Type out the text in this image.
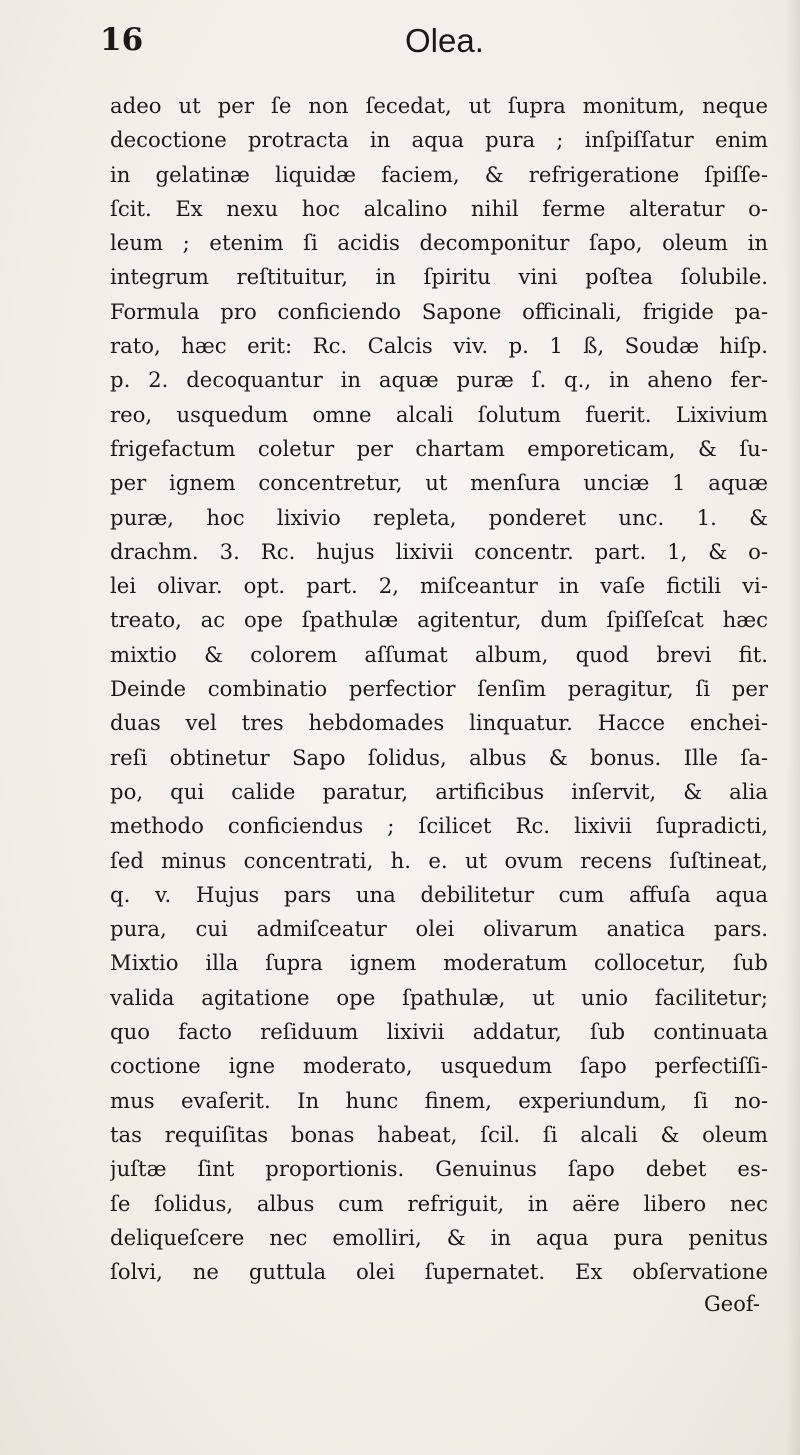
16	Olea.
adeo ut per ſe non ſecedat, ut ſupra monitum, neque
decoctione protracta in aqua pura ; inſpiſſatur enim
in gelatinæ liquidæ faciem, & refrigeratione ſpiſſe-
ſcit. Ex nexu hoc alcalino nihil ferme alteratur o-
leum ; etenim ſi acidis decomponitur ſapo, oleum in
integrum reſtituitur, in ſpiritu vini poſtea ſolubile.
Formula pro conficiendo Sapone officinali, frigide pa-
rato, hæc erit: Rc. Calcis viv. p. 1 ß, Soudæ hiſp.
p. 2. decoquantur in aquæ puræ ſ. q., in aheno fer-
reo, usquedum omne alcali ſolutum fuerit. Lixivium
frigefactum coletur per chartam emporeticam, & ſu-
per ignem concentretur, ut menſura unciæ 1 aquæ
puræ, hoc lixivio repleta, ponderet unc. 1. &
drachm. 3. Rc. hujus lixivii concentr. part. 1, & o-
lei olivar. opt. part. 2, miſceantur in vaſe fictili vi-
treato, ac ope ſpathulæ agitentur, dum ſpiſſeſcat hæc
mixtio & colorem aſſumat album, quod brevi fit.
Deinde combinatio perfectior ſenſim peragitur, ſi per
duas vel tres hebdomades linquatur. Hacce enchei-
reſi obtinetur Sapo ſolidus, albus & bonus. Ille ſa-
po, qui calide paratur, artificibus inſervit, & alia
methodo conficiendus ; ſcilicet Rc. lixivii ſupradicti,
ſed minus concentrati, h. e. ut ovum recens ſuſtineat,
q. v. Hujus pars una debilitetur cum affuſa aqua
pura, cui admiſceatur olei olivarum anatica pars.
Mixtio illa ſupra ignem moderatum collocetur, ſub
valida agitatione ope ſpathulæ, ut unio facilitetur;
quo facto reſiduum lixivii addatur, ſub continuata
coctione igne moderato, usquedum ſapo perfectiſſi-
mus evaſerit. In hunc finem, experiundum, ſi no-
tas requiſitas bonas habeat, ſcil. ſi alcali & oleum
juſtæ ſint proportionis. Genuinus ſapo debet es-
ſe ſolidus, albus cum refriguit, in aëre libero nec
deliqueſcere nec emolliri, & in aqua pura penitus
ſolvi, ne guttula olei ſupernatet. Ex obſervatione
Geof-
